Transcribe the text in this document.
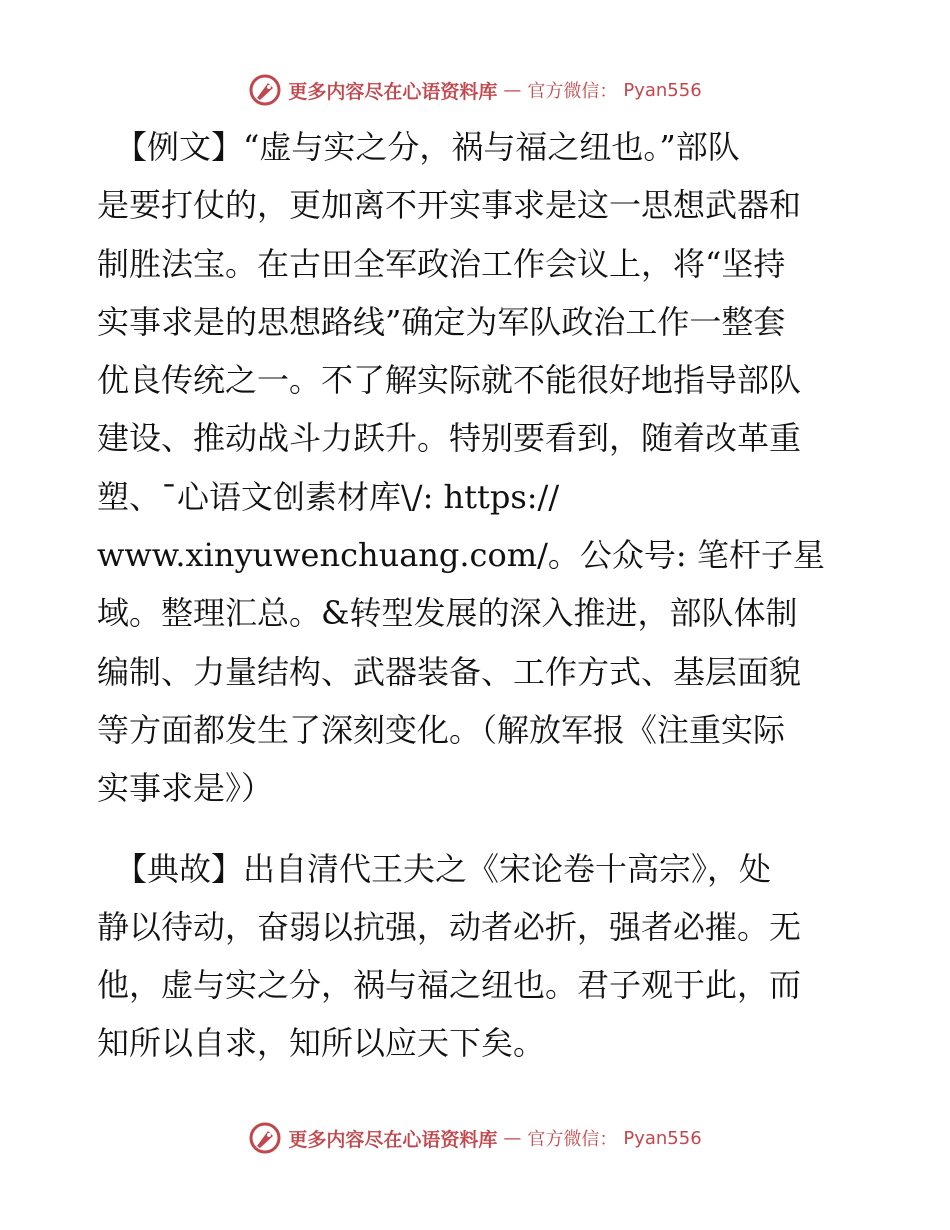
更多内容尽在心语资料库 — 官方微信： Pyan556

【例文】“虚与实之分，祸与福之纽也。”部队
是要打仗的，更加离不开实事求是这一思想武器和
制胜法宝。在古田全军政治工作会议上，将“坚持
实事求是的思想路线”确定为军队政治工作一整套
优良传统之一。不了解实际就不能很好地指导部队
建设、推动战斗力跃升。特别要看到，随着改革重
塑、¯心语文创素材库\/: https://
www.xinyuwenchuang.com/。公众号: 笔杆子星
域。整理汇总。&转型发展的深入推进，部队体制
编制、力量结构、武器装备、工作方式、基层面貌
等方面都发生了深刻变化。（解放军报《注重实际
实事求是》）

【典故】出自清代王夫之《宋论卷十高宗》，处
静以待动，奋弱以抗强，动者必折，强者必摧。无
他，虚与实之分，祸与福之纽也。君子观于此，而
知所以自求，知所以应天下矣。

更多内容尽在心语资料库 — 官方微信： Pyan556
